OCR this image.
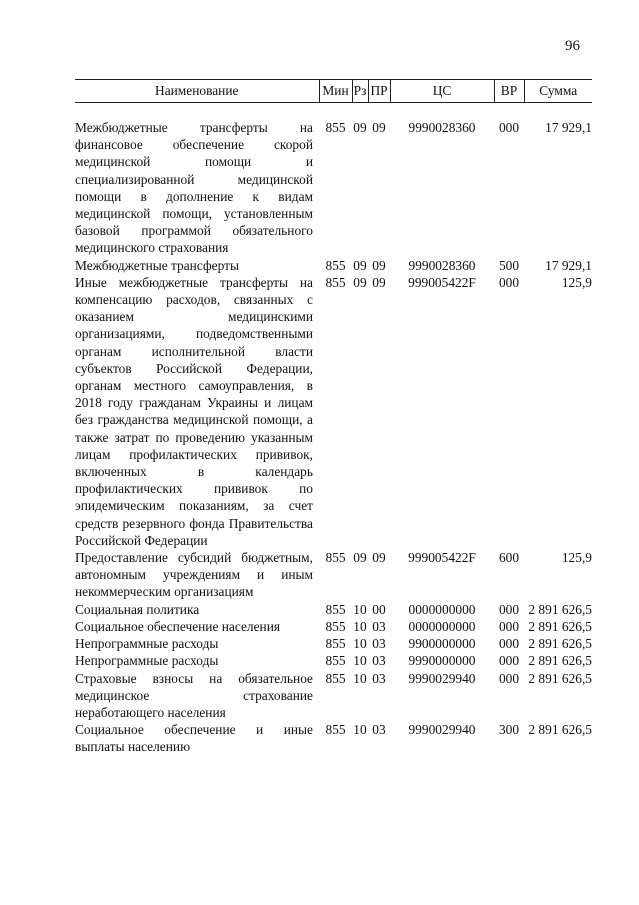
96
Наименование	Мин	Рз	ПР	ЦС	ВР	Сумма

Межбюджетные трансферты на финансовое обеспечение скорой медицинской помощи и специализированной медицинской помощи в дополнение к видам медицинской помощи, установленным базовой программой обязательного медицинского страхования	855	09	09	9990028360	000	17 929,1
Межбюджетные трансферты	855	09	09	9990028360	500	17 929,1
Иные межбюджетные трансферты на компенсацию расходов, связанных с оказанием медицинскими организациями, подведомственными органам исполнительной власти субъектов Российской Федерации, органам местного самоуправления, в 2018 году гражданам Украины и лицам без гражданства медицинской помощи, а также затрат по проведению указанным лицам профилактических прививок, включенных в календарь профилактических прививок по эпидемическим показаниям, за счет средств резервного фонда Правительства Российской Федерации	855	09	09	999005422F	000	125,9
Предоставление субсидий бюджетным, автономным учреждениям и иным некоммерческим организациям	855	09	09	999005422F	600	125,9
Социальная политика	855	10	00	0000000000	000	2 891 626,5
Социальное обеспечение населения	855	10	03	0000000000	000	2 891 626,5
Непрограммные расходы	855	10	03	9900000000	000	2 891 626,5
Непрограммные расходы	855	10	03	9990000000	000	2 891 626,5
Страховые взносы на обязательное медицинское страхование неработающего населения	855	10	03	9990029940	000	2 891 626,5
Социальное обеспечение и иные выплаты населению	855	10	03	9990029940	300	2 891 626,5
